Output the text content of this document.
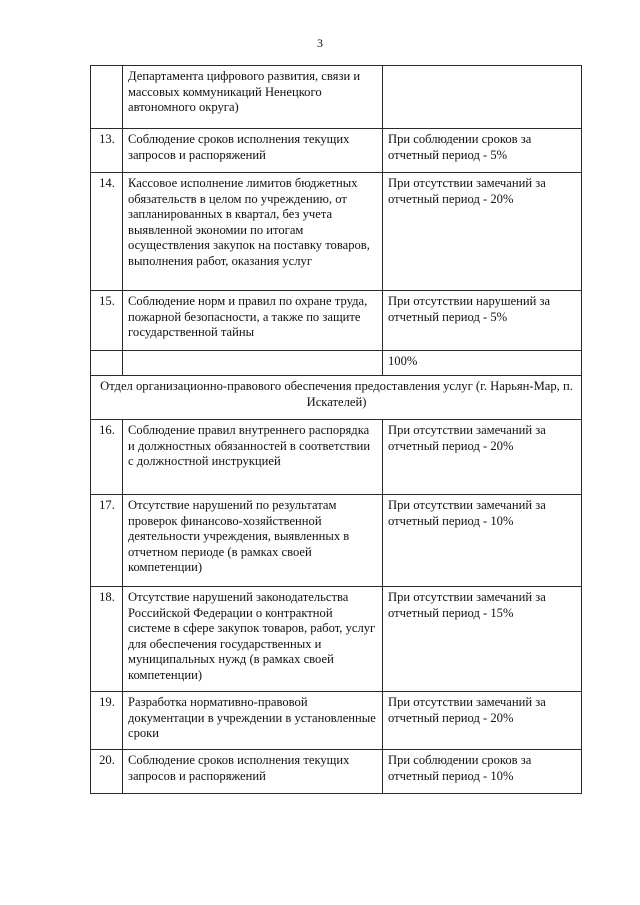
3
	Департамента цифрового развития, связи и массовых коммуникаций Ненецкого автономного округа)	
13.	Соблюдение сроков исполнения текущих запросов и распоряжений	При соблюдении сроков за отчетный период - 5%
14.	Кассовое исполнение лимитов бюджетных обязательств в целом по учреждению, от запланированных в квартал, без учета выявленной экономии по итогам осуществления закупок на поставку товаров, выполнения работ, оказания услуг	При отсутствии замечаний за отчетный период - 20%
15.	Соблюдение норм и правил по охране труда, пожарной безопасности, а также по защите государственной тайны	При отсутствии нарушений за отчетный период - 5%
		100%
Отдел организационно-правового обеспечения предоставления услуг (г. Нарьян-Мар, п. Искателей)		
16.	Соблюдение правил внутреннего распорядка и должностных обязанностей в соответствии с должностной инструкцией	При отсутствии замечаний за отчетный период - 20%
17.	Отсутствие нарушений по результатам проверок финансово-хозяйственной деятельности учреждения, выявленных в отчетном периоде (в рамках своей компетенции)	При отсутствии замечаний за отчетный период - 10%
18.	Отсутствие нарушений законодательства Российской Федерации о контрактной системе в сфере закупок товаров, работ, услуг для обеспечения государственных и муниципальных нужд (в рамках своей компетенции)	При отсутствии замечаний за отчетный период - 15%
19.	Разработка нормативно-правовой документации в учреждении в установленные сроки	При отсутствии замечаний за отчетный период - 20%
20.	Соблюдение сроков исполнения текущих запросов и распоряжений	При соблюдении сроков за отчетный период - 10%
